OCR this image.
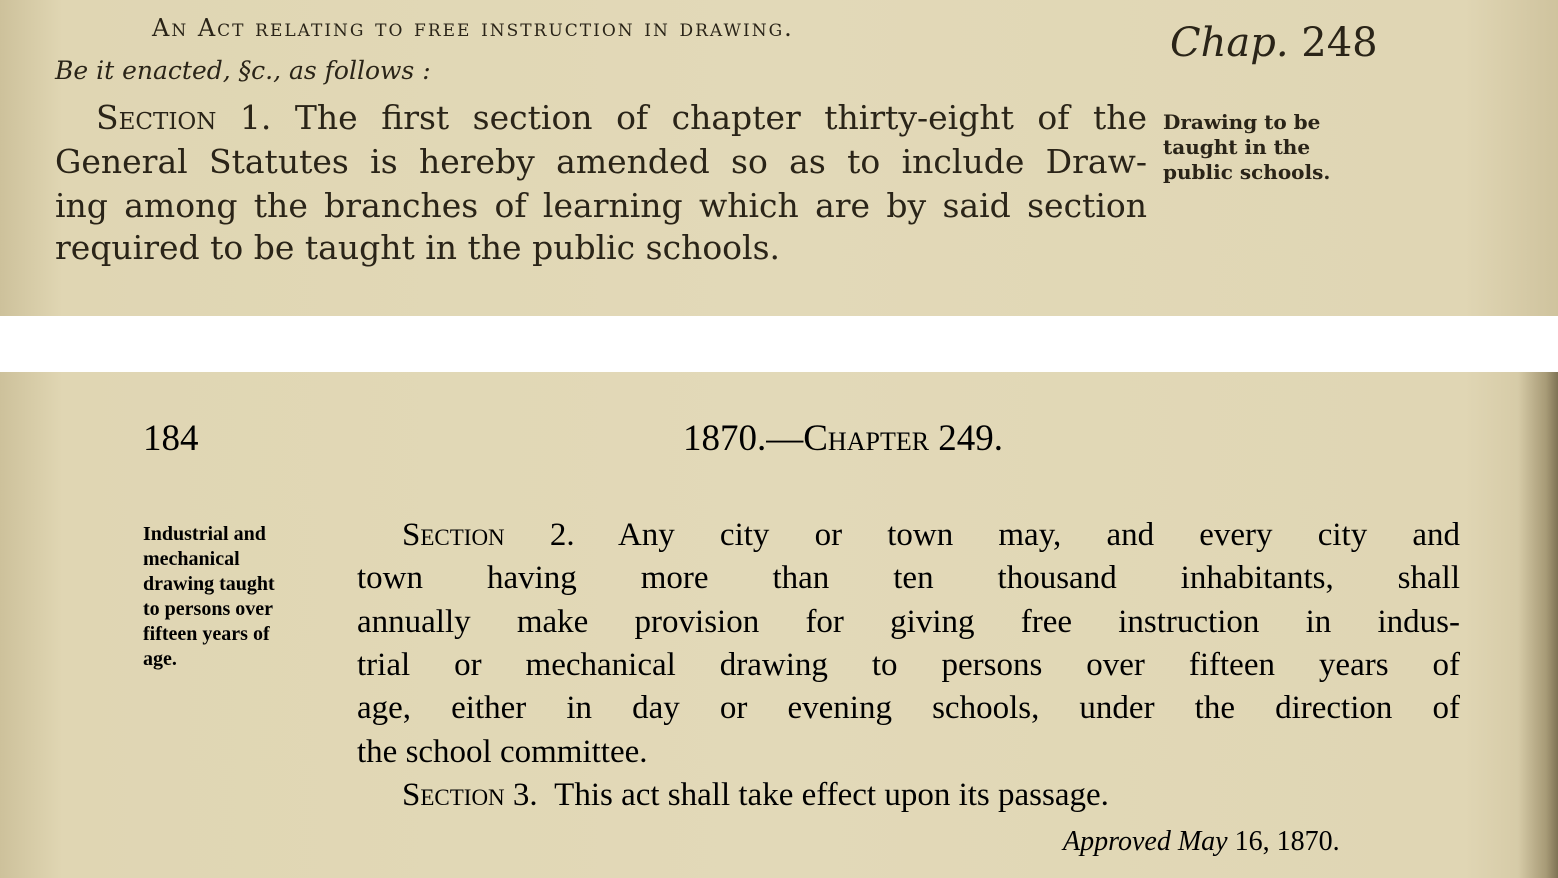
An Act relating to free instruction in drawing.	Chap. 248
Be it enacted, §c., as follows :
Section 1. The first section of chapter thirty-eight of the
General Statutes is hereby amended so as to include Draw-
ing among the branches of learning which are by said section
required to be taught in the public schools.
Drawing to be
taught in the
public schools.
184	1870.—Chapter 249.
Industrial and
mechanical
drawing taught
to persons over
fifteen years of
age.
Section 2. Any city or town may, and every city and
town having more than ten thousand inhabitants, shall
annually make provision for giving free instruction in indus-
trial or mechanical drawing to persons over fifteen years of
age, either in day or evening schools, under the direction of
the school committee.
Section 3. This act shall take effect upon its passage.
Approved May 16, 1870.
